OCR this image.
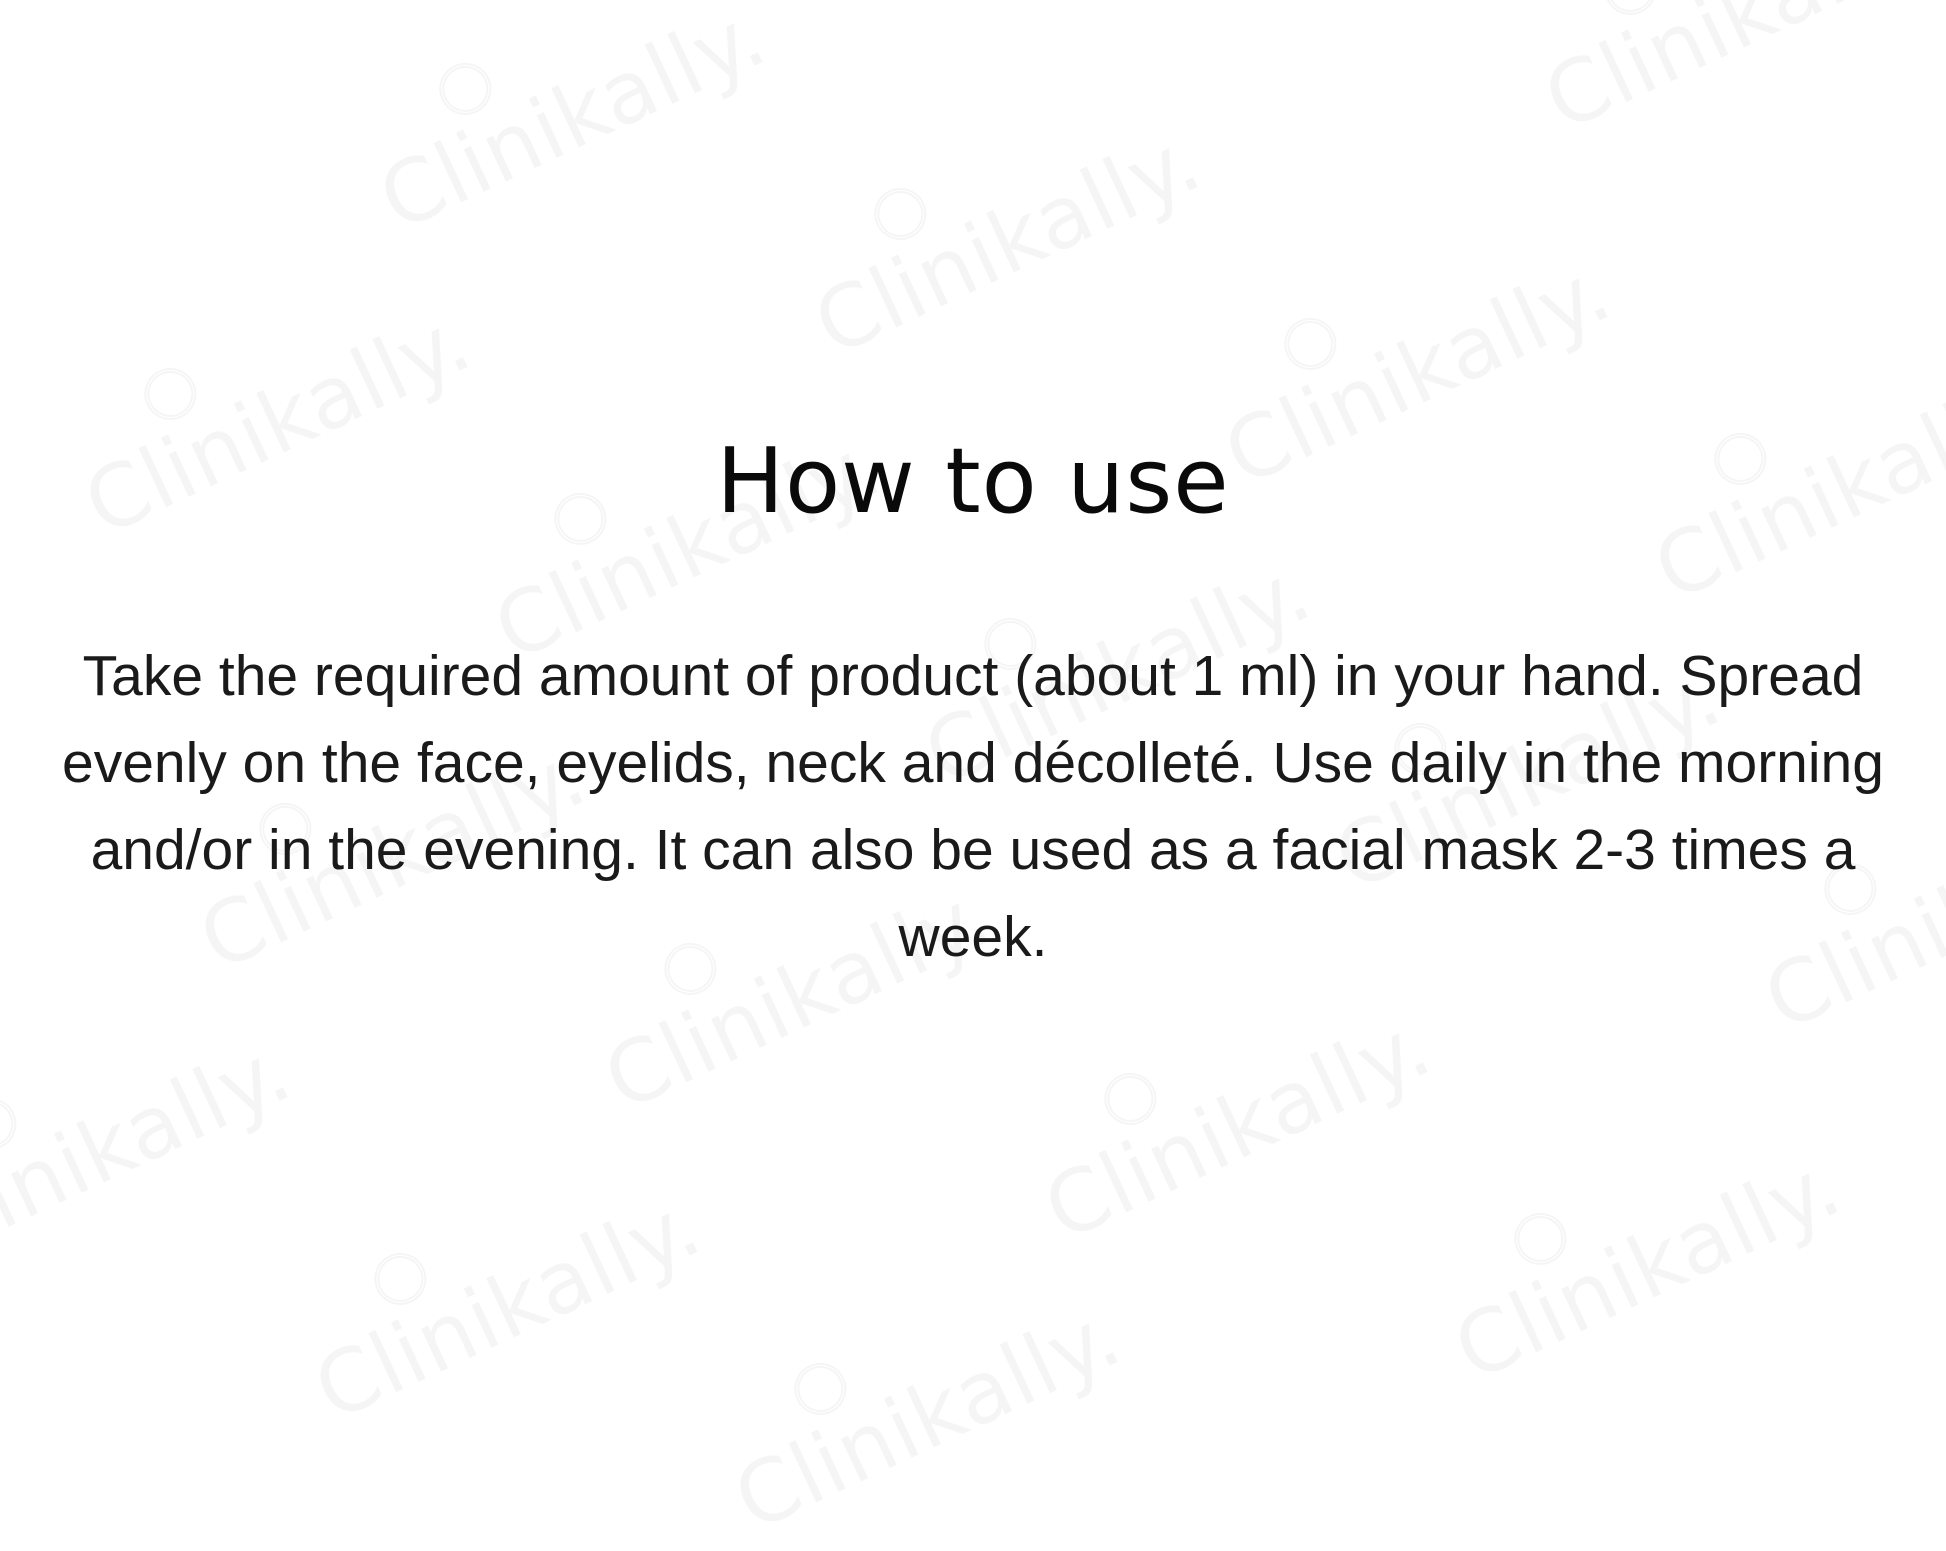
How to use

Take the required amount of product (about 1 ml) in your hand. Spread evenly on the face, eyelids, neck and décolleté. Use daily in the morning and/or in the evening. It can also be used as a facial mask 2-3 times a week.
